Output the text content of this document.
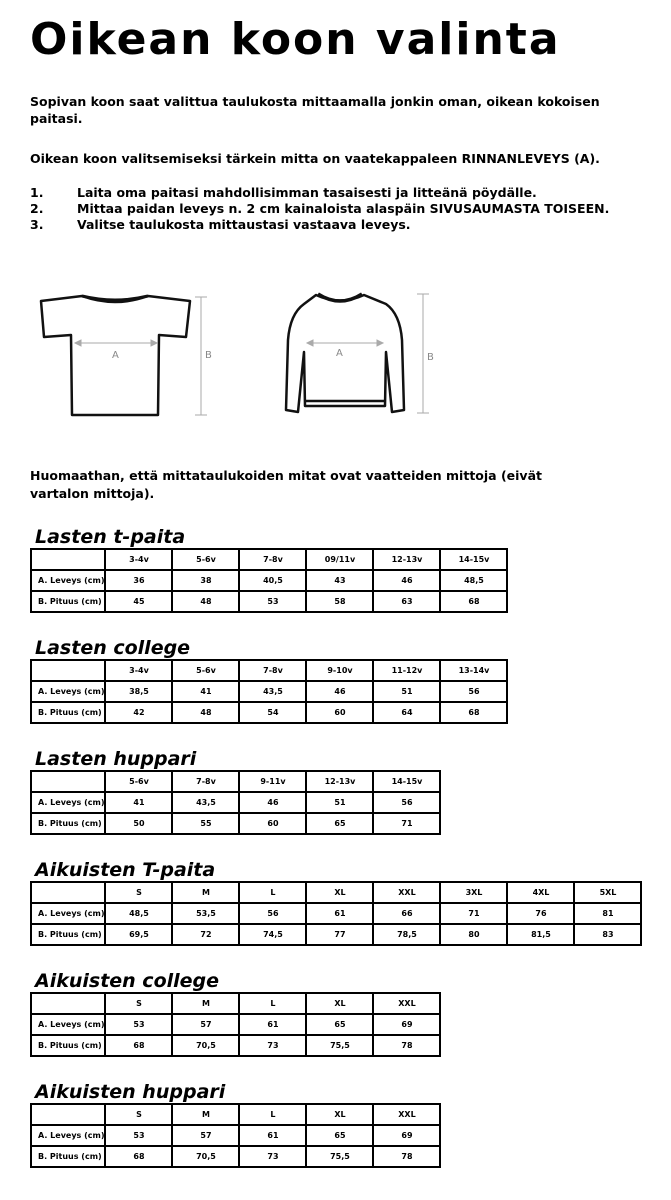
Oikean koon valinta

Sopivan koon saat valittua taulukosta mittaamalla jonkin oman, oikean kokoisen paitasi.

Oikean koon valitsemiseksi tärkein mitta on vaatekappaleen RINNANLEVEYS (A).

1.	Laita oma paitasi mahdollisimman tasaisesti ja litteänä pöydälle.
2.	Mittaa paidan leveys n. 2 cm kainaloista alaspäin SIVUSAUMASTA TOISEEN.
3.	Valitse taulukosta mittaustasi vastaava leveys.
A	B	A	B

Huomaathan, että mittataulukoiden mitat ovat vaatteiden mittoja (eivät vartalon mittoja).

Lasten t-paita
	3-4v	5-6v	7-8v	09/11v	12-13v	14-15v
A. Leveys (cm)	36	38	40,5	43	46	48,5
B. Pituus (cm)	45	48	53	58	63	68
Lasten college
	3-4v	5-6v	7-8v	9-10v	11-12v	13-14v
A. Leveys (cm)	38,5	41	43,5	46	51	56
B. Pituus (cm)	42	48	54	60	64	68
Lasten huppari
	5-6v	7-8v	9-11v	12-13v	14-15v
A. Leveys (cm)	41	43,5	46	51	56
B. Pituus (cm)	50	55	60	65	71
Aikuisten T-paita
	S	M	L	XL	XXL	3XL	4XL	5XL
A. Leveys (cm)	48,5	53,5	56	61	66	71	76	81
B. Pituus (cm)	69,5	72	74,5	77	78,5	80	81,5	83
Aikuisten college
	S	M	L	XL	XXL
A. Leveys (cm)	53	57	61	65	69
B. Pituus (cm)	68	70,5	73	75,5	78
Aikuisten huppari
	S	M	L	XL	XXL
A. Leveys (cm)	53	57	61	65	69
B. Pituus (cm)	68	70,5	73	75,5	78
